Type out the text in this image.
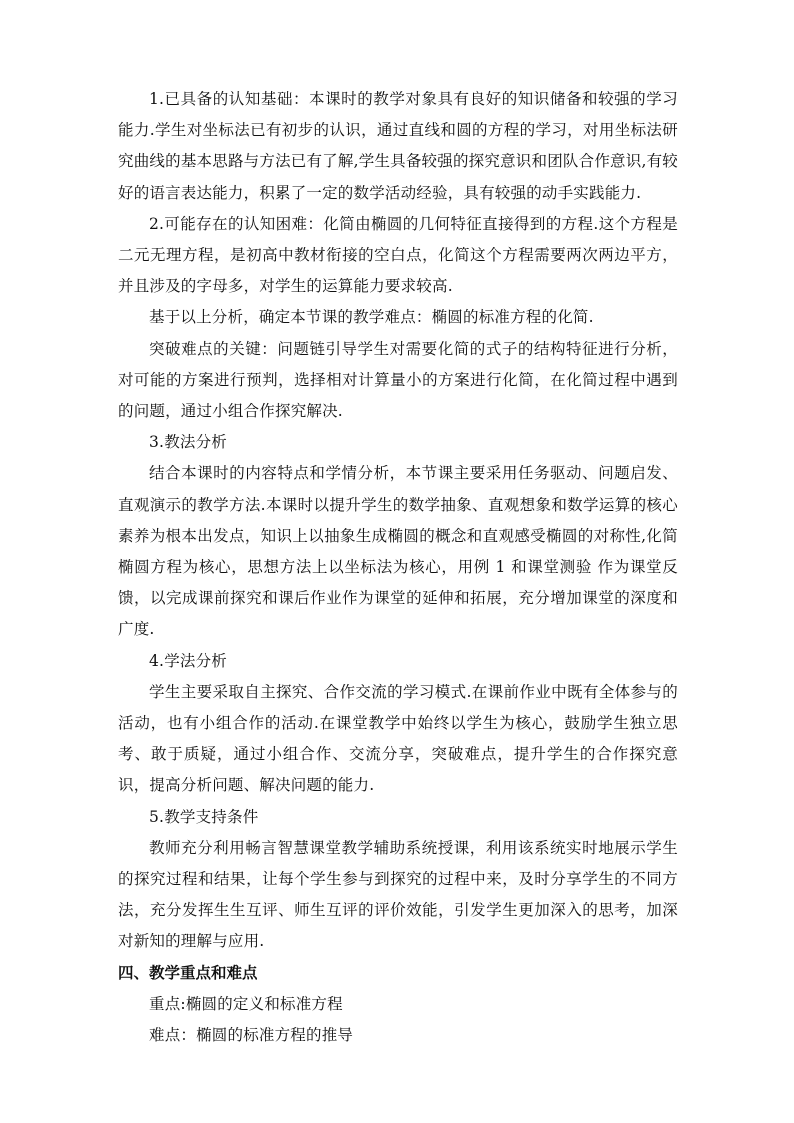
1.已具备的认知基础：本课时的教学对象具有良好的知识储备和较强的学习能力.学生对坐标法已有初步的认识，通过直线和圆的方程的学习，对用坐标法研究曲线的基本思路与方法已有了解,学生具备较强的探究意识和团队合作意识,有较好的语言表达能力，积累了一定的数学活动经验，具有较强的动手实践能力.

2.可能存在的认知困难：化简由椭圆的几何特征直接得到的方程.这个方程是二元无理方程，是初高中教材衔接的空白点，化简这个方程需要两次两边平方，并且涉及的字母多，对学生的运算能力要求较高.

基于以上分析，确定本节课的教学难点：椭圆的标准方程的化简.

突破难点的关键：问题链引导学生对需要化简的式子的结构特征进行分析，对可能的方案进行预判，选择相对计算量小的方案进行化简，在化简过程中遇到的问题，通过小组合作探究解决.

3.教法分析

结合本课时的内容特点和学情分析，本节课主要采用任务驱动、问题启发、直观演示的教学方法.本课时以提升学生的数学抽象、直观想象和数学运算的核心素养为根本出发点，知识上以抽象生成椭圆的概念和直观感受椭圆的对称性,化简椭圆方程为核心，思想方法上以坐标法为核心，用例 1 和课堂测验 作为课堂反馈，以完成课前探究和课后作业作为课堂的延伸和拓展，充分增加课堂的深度和广度.

4.学法分析

学生主要采取自主探究、合作交流的学习模式.在课前作业中既有全体参与的活动，也有小组合作的活动.在课堂教学中始终以学生为核心，鼓励学生独立思考、敢于质疑，通过小组合作、交流分享，突破难点，提升学生的合作探究意识，提高分析问题、解决问题的能力.

5.教学支持条件

教师充分利用畅言智慧课堂教学辅助系统授课，利用该系统实时地展示学生的探究过程和结果，让每个学生参与到探究的过程中来，及时分享学生的不同方法，充分发挥生生互评、师生互评的评价效能，引发学生更加深入的思考，加深对新知的理解与应用.

四、教学重点和难点

重点:椭圆的定义和标准方程

难点：椭圆的标准方程的推导
